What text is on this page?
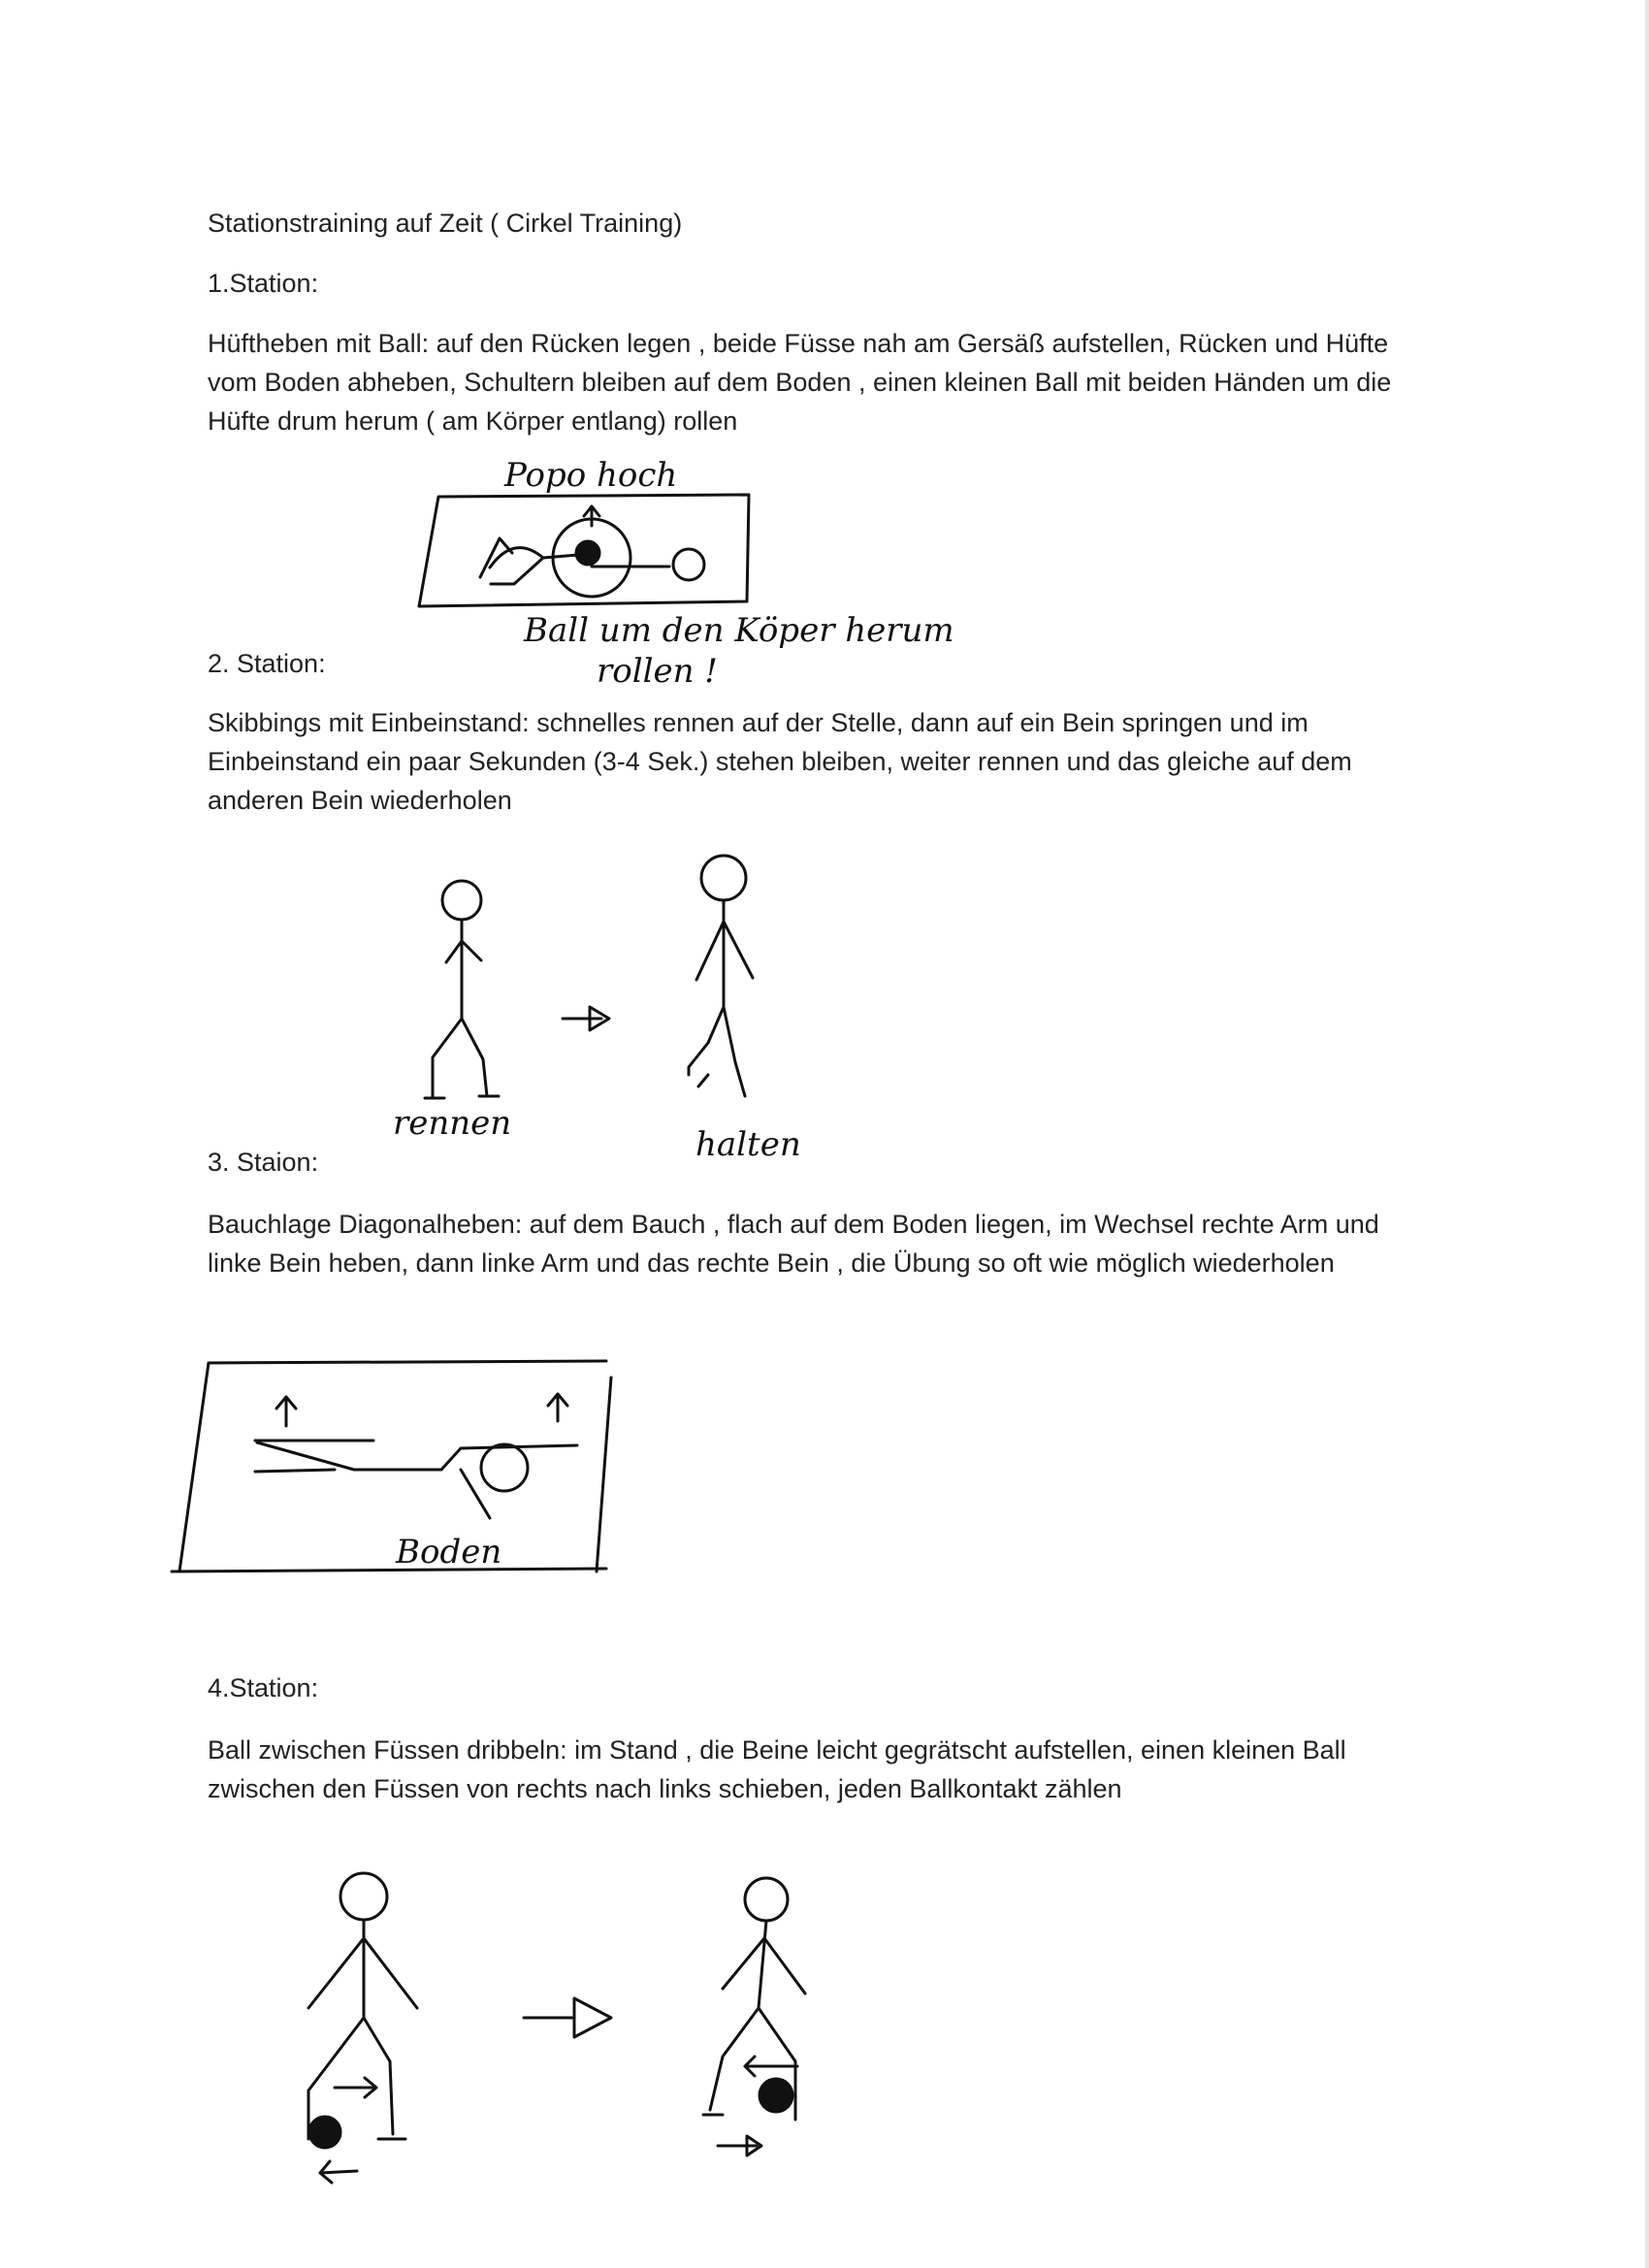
Stationstraining auf Zeit ( Cirkel Training)

1.Station:

Hüftheben mit Ball: auf den Rücken legen , beide Füsse nah am Gersäß aufstellen, Rücken und Hüfte vom Boden abheben, Schultern bleiben auf dem Boden , einen kleinen Ball mit beiden Händen um die Hüfte drum herum ( am Körper entlang) rollen

Popo hoch

Ball um den Köper herum

rollen !

2. Station:

Skibbings mit Einbeinstand: schnelles rennen auf der Stelle, dann auf ein Bein springen und im Einbeinstand ein paar Sekunden (3-4 Sek.) stehen bleiben, weiter rennen und das gleiche auf dem anderen Bein wiederholen

rennen

halten

3. Staion:

Bauchlage Diagonalheben: auf dem Bauch , flach auf dem Boden liegen, im Wechsel rechte Arm und linke Bein heben, dann linke Arm und das rechte Bein , die Übung so oft wie möglich wiederholen

Boden

4.Station:

Ball zwischen Füssen dribbeln: im Stand , die Beine leicht gegrätscht aufstellen, einen kleinen Ball zwischen den Füssen von rechts nach links schieben, jeden Ballkontakt zählen
